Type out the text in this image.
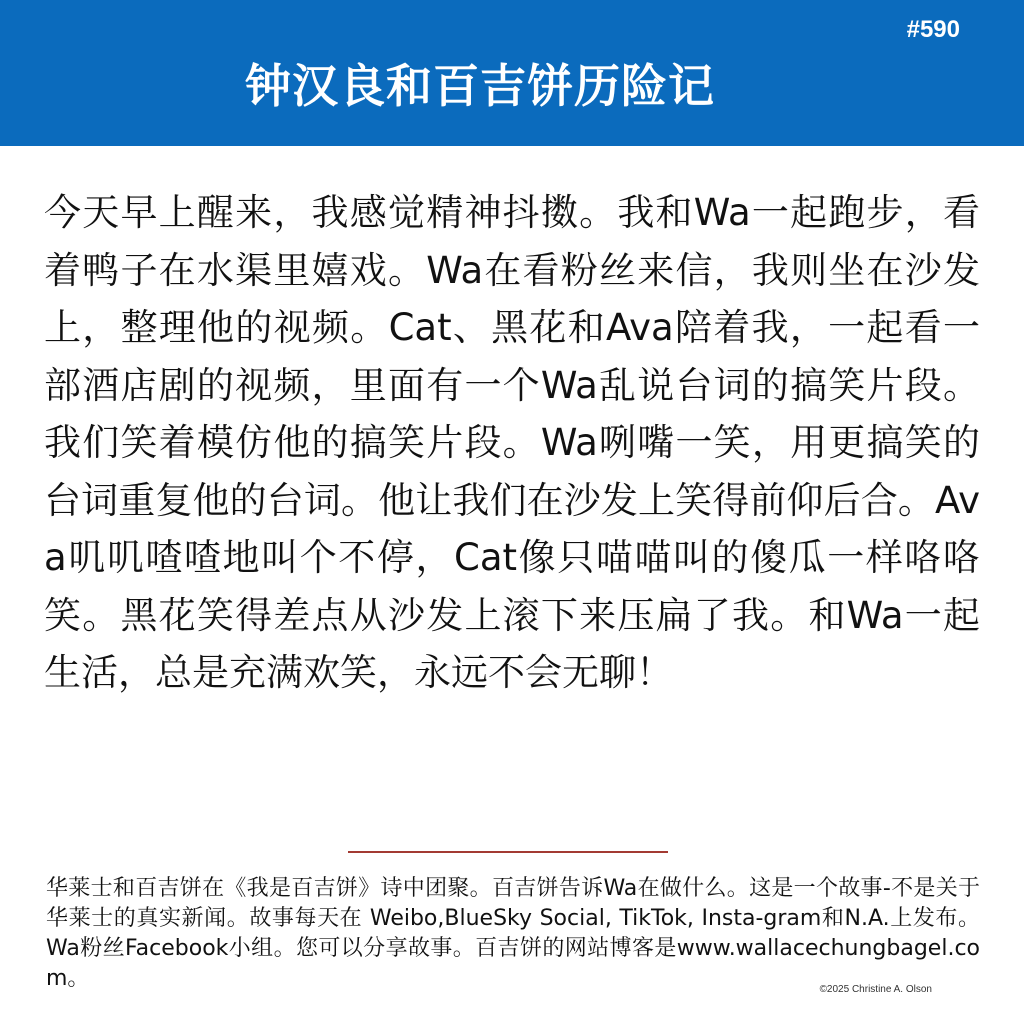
#590
钟汉良和百吉饼历险记
今天早上醒来，我感觉精神抖擞。我和Wa一起跑步，看着鸭子在水渠里嬉戏。Wa在看粉丝来信，我则坐在沙发上，整理他的视频。Cat、黑花和Ava陪着我，一起看一部酒店剧的视频，里面有一个Wa乱说台词的搞笑片段。我们笑着模仿他的搞笑片段。Wa咧嘴一笑，用更搞笑的台词重复他的台词。他让我们在沙发上笑得前仰后合。Ava叽叽喳喳地叫个不停，Cat像只喵喵叫的傻瓜一样咯咯笑。黑花笑得差点从沙发上滚下来压扁了我。和Wa一起生活，总是充满欢笑，永远不会无聊！
华莱士和百吉饼在《我是百吉饼》诗中团聚。百吉饼告诉Wa在做什么。这是一个故事-不是关于华莱士的真实新闻。故事每天在 Weibo,BlueSky Social, TikTok, Insta-gram和N.A.上发布。Wa粉丝Facebook小组。您可以分享故事。百吉饼的网站博客是www.wallacechungbagel.com。	©2025 Christine A. Olson
